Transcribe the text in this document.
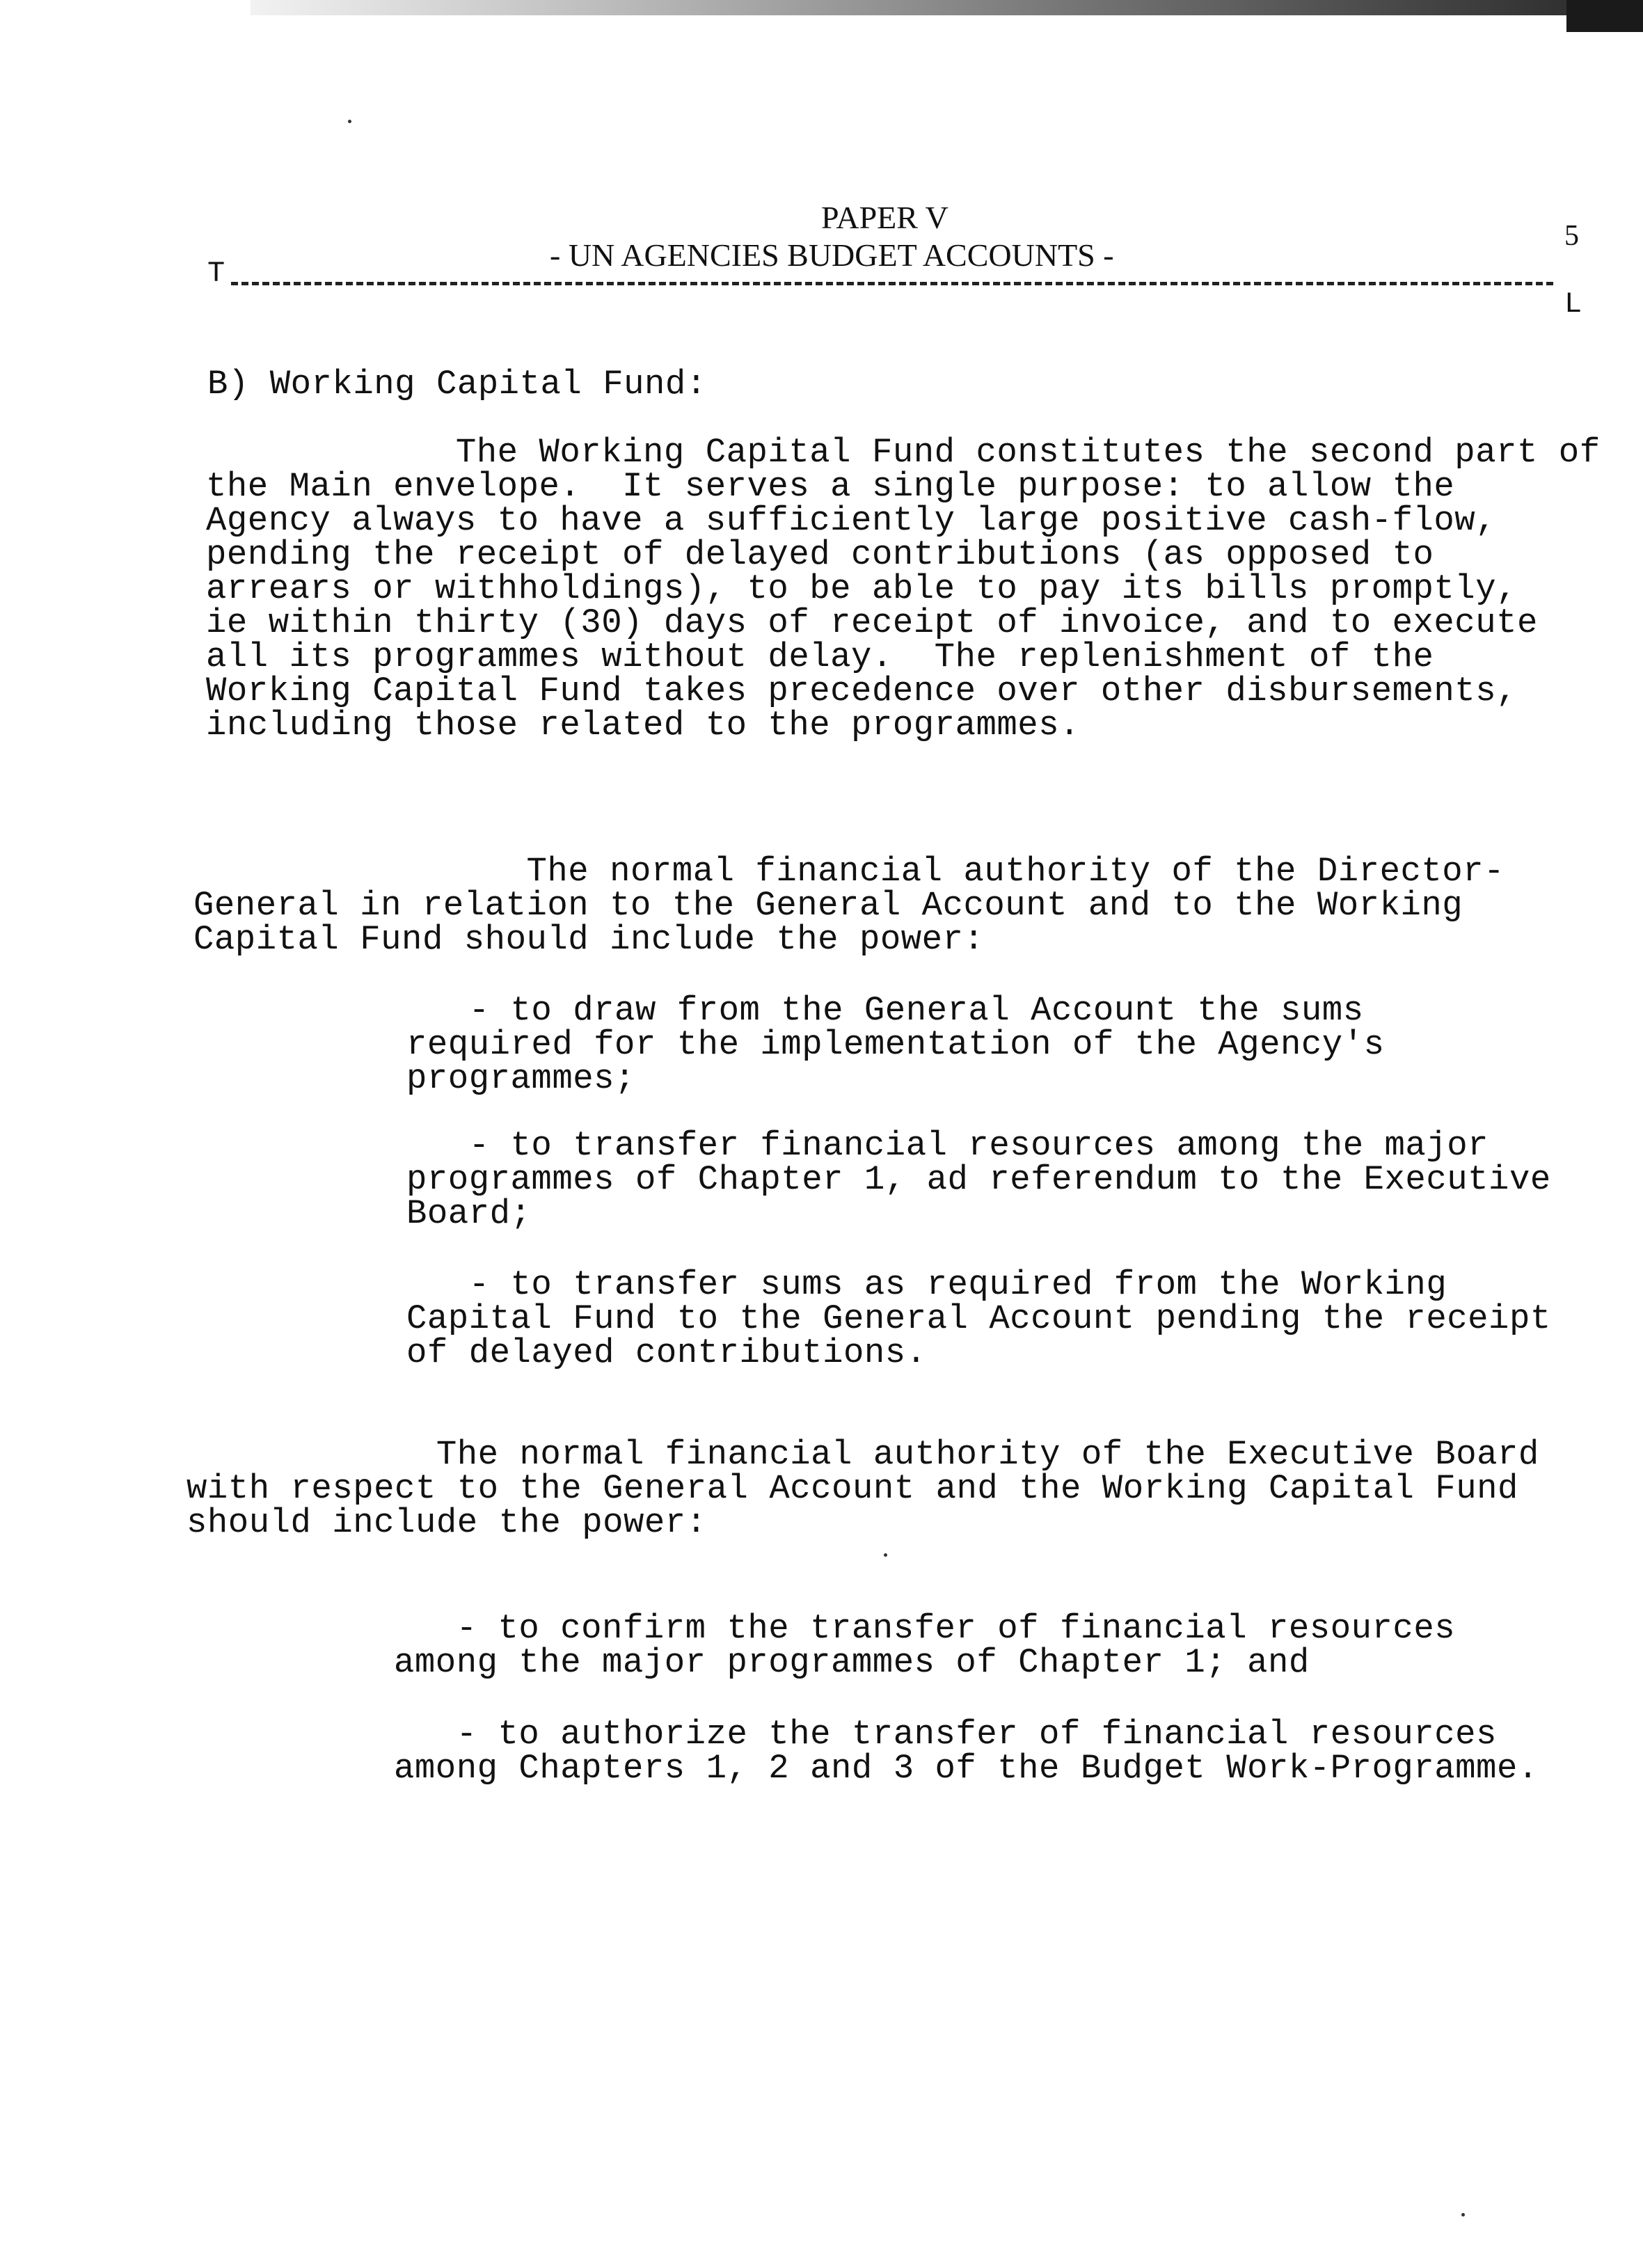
PAPER V
- UN AGENCIES BUDGET ACCOUNTS -
5
T
L
B) Working Capital Fund:
The Working Capital Fund constitutes the second part of
the Main envelope.  It serves a single purpose: to allow the
Agency always to have a sufficiently large positive cash-flow,
pending the receipt of delayed contributions (as opposed to
arrears or withholdings), to be able to pay its bills promptly,
ie within thirty (30) days of receipt of invoice, and to execute
all its programmes without delay.  The replenishment of the
Working Capital Fund takes precedence over other disbursements,
including those related to the programmes.
The normal financial authority of the Director-
General in relation to the General Account and to the Working
Capital Fund should include the power:
- to draw from the General Account the sums
required for the implementation of the Agency's
programmes;
- to transfer financial resources among the major
programmes of Chapter 1, ad referendum to the Executive
Board;
- to transfer sums as required from the Working
Capital Fund to the General Account pending the receipt
of delayed contributions.
The normal financial authority of the Executive Board
with respect to the General Account and the Working Capital Fund
should include the power:
- to confirm the transfer of financial resources
among the major programmes of Chapter 1; and
- to authorize the transfer of financial resources
among Chapters 1, 2 and 3 of the Budget Work-Programme.
